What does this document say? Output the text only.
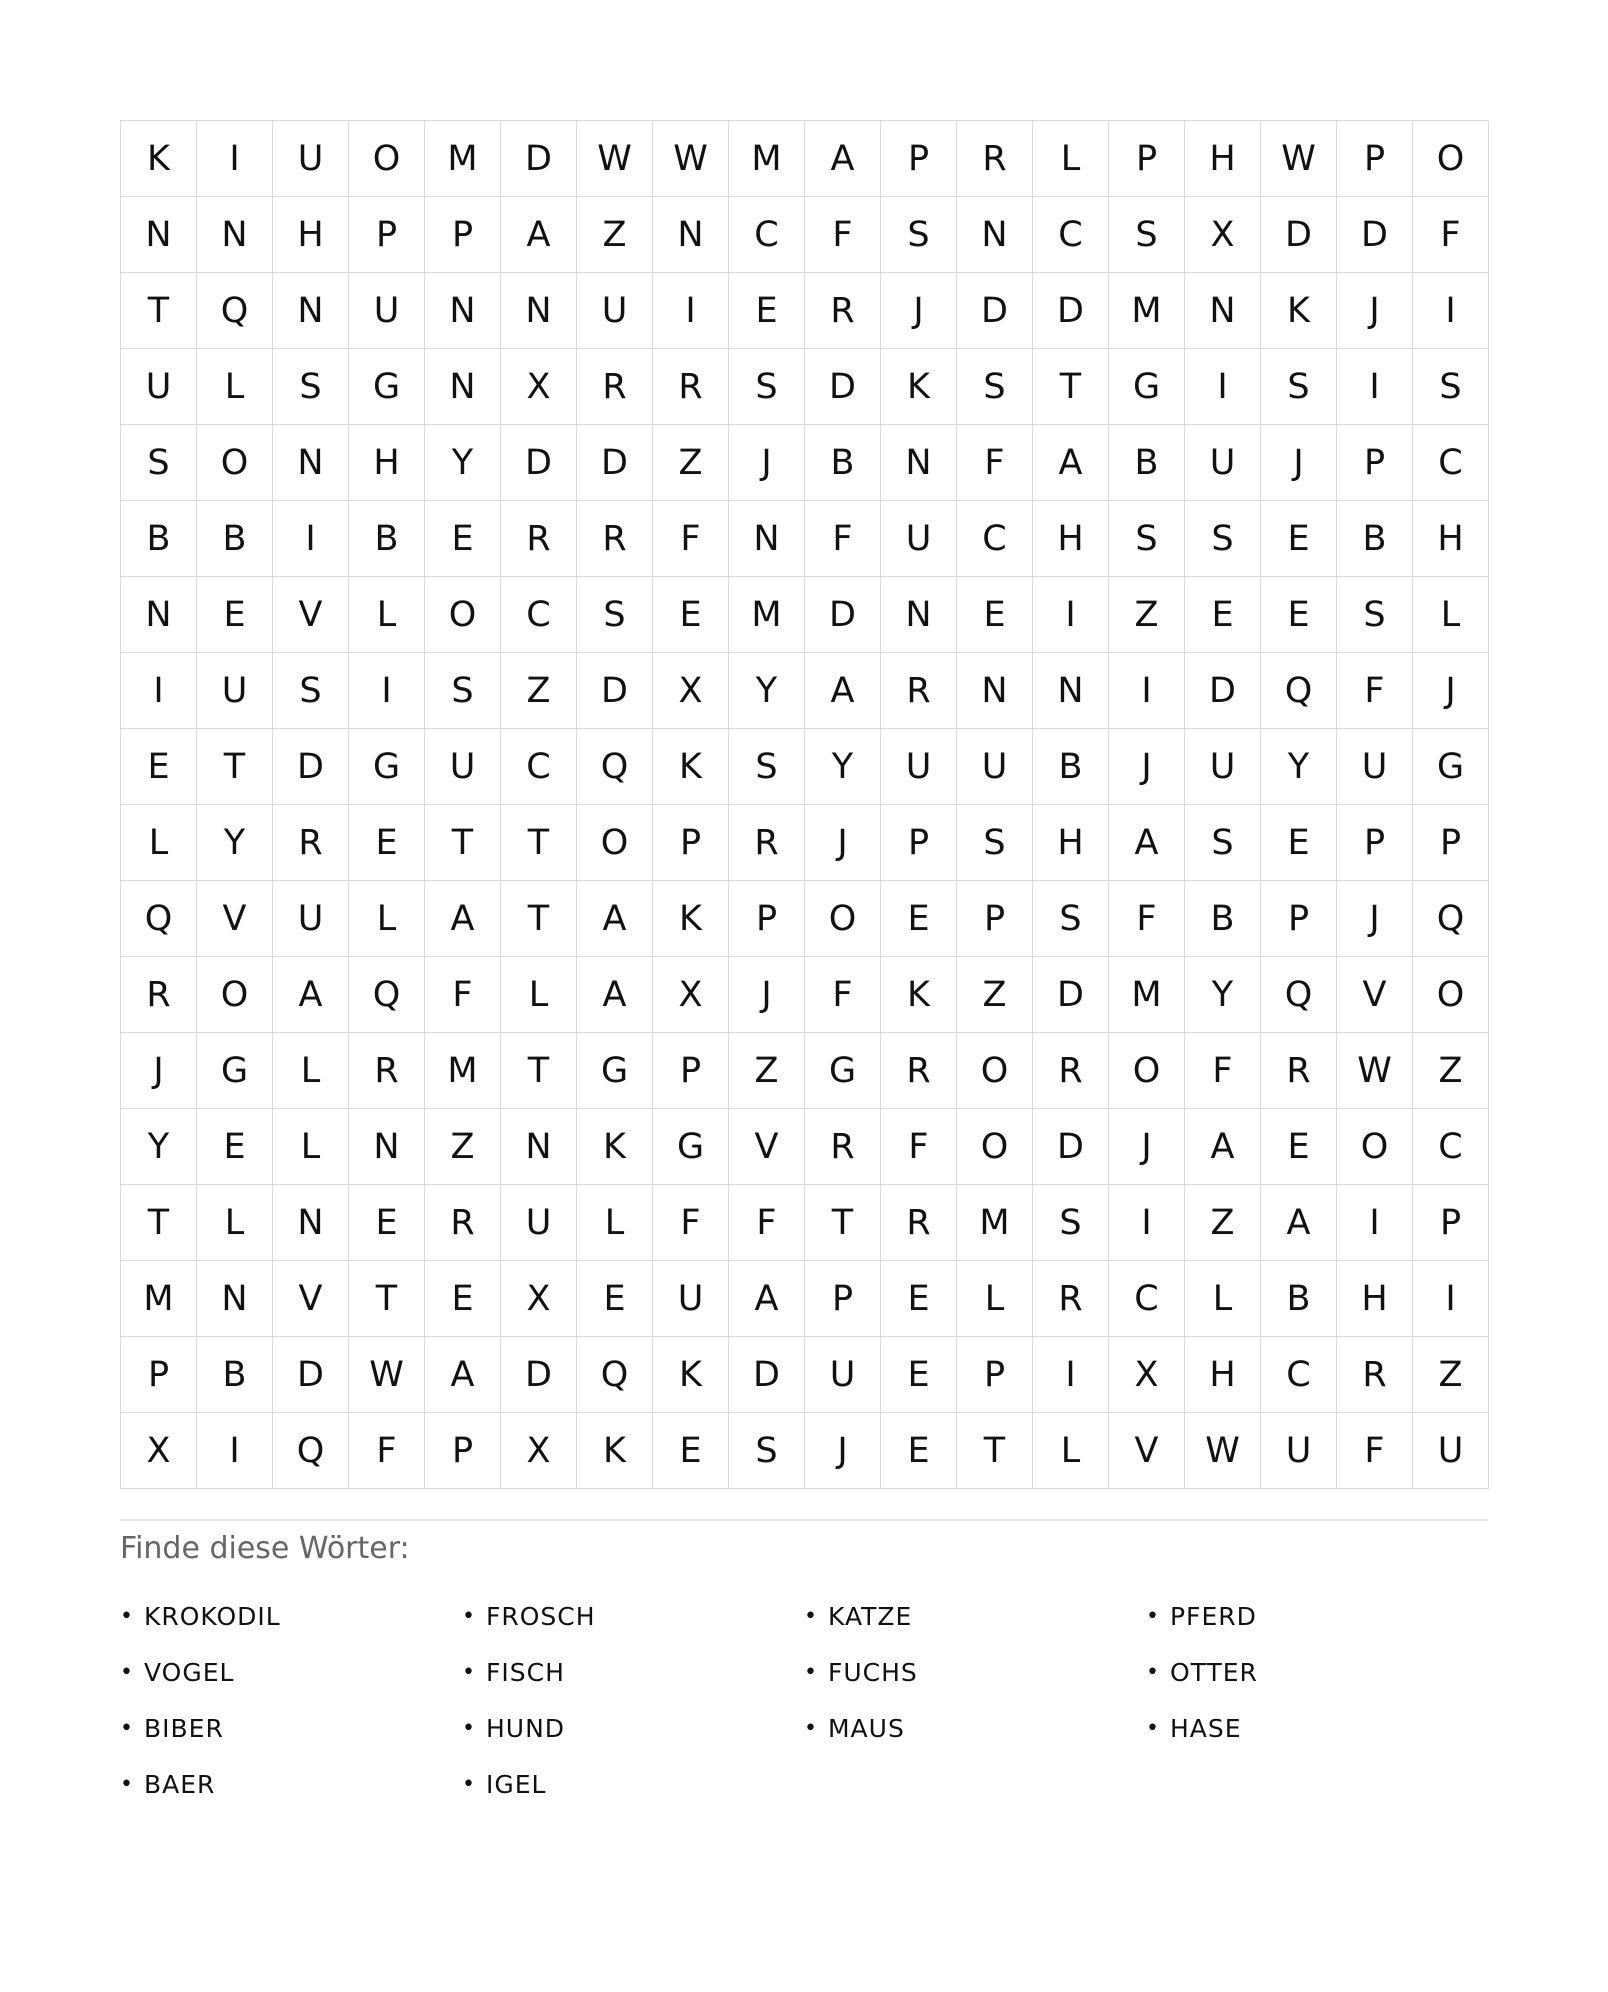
K	I	U	O	M	D	W	W	M	A	P	R	L	P	H	W	P	O
N	N	H	P	P	A	Z	N	C	F	S	N	C	S	X	D	D	F
T	Q	N	U	N	N	U	I	E	R	J	D	D	M	N	K	J	I
U	L	S	G	N	X	R	R	S	D	K	S	T	G	I	S	I	S
S	O	N	H	Y	D	D	Z	J	B	N	F	A	B	U	J	P	C
B	B	I	B	E	R	R	F	N	F	U	C	H	S	S	E	B	H
N	E	V	L	O	C	S	E	M	D	N	E	I	Z	E	E	S	L
I	U	S	I	S	Z	D	X	Y	A	R	N	N	I	D	Q	F	J
E	T	D	G	U	C	Q	K	S	Y	U	U	B	J	U	Y	U	G
L	Y	R	E	T	T	O	P	R	J	P	S	H	A	S	E	P	P
Q	V	U	L	A	T	A	K	P	O	E	P	S	F	B	P	J	Q
R	O	A	Q	F	L	A	X	J	F	K	Z	D	M	Y	Q	V	O
J	G	L	R	M	T	G	P	Z	G	R	O	R	O	F	R	W	Z
Y	E	L	N	Z	N	K	G	V	R	F	O	D	J	A	E	O	C
T	L	N	E	R	U	L	F	F	T	R	M	S	I	Z	A	I	P
M	N	V	T	E	X	E	U	A	P	E	L	R	C	L	B	H	I
P	B	D	W	A	D	Q	K	D	U	E	P	I	X	H	C	R	Z
X	I	Q	F	P	X	K	E	S	J	E	T	L	V	W	U	F	U
Finde diese Wörter:
• KROKODIL	• FROSCH	• KATZE	• PFERD
• VOGEL	• FISCH	• FUCHS	• OTTER
• BIBER	• HUND	• MAUS	• HASE
• BAER	• IGEL
